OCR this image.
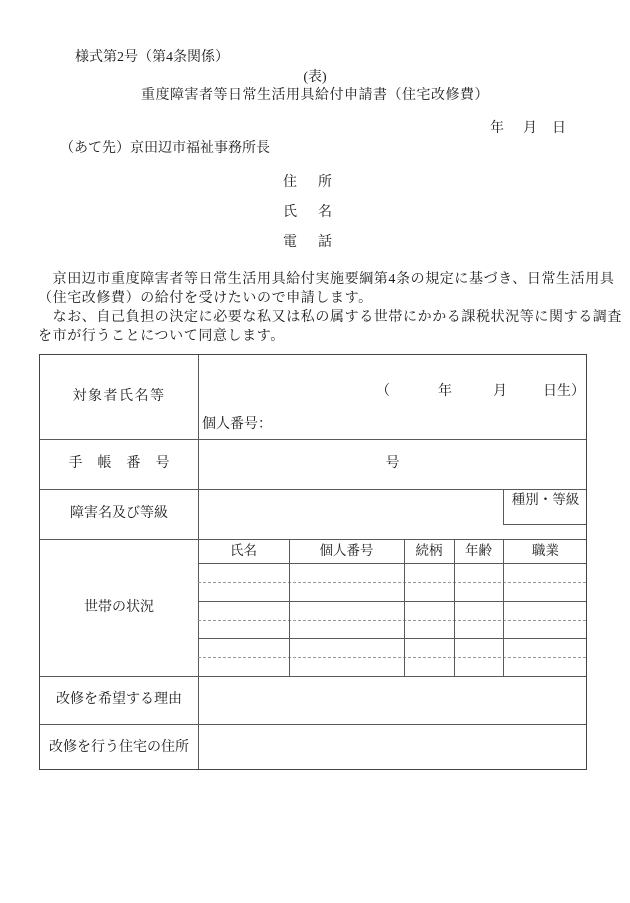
様式第2号（第4条関係）
(表)
重度障害者等日常生活用具給付申請書（住宅改修費）
年 月 日
（あて先）京田辺市福祉事務所長
住 所
氏 名
電 話
　京田辺市重度障害者等日常生活用具給付実施要綱第4条の規定に基づき、日常生活用具
（住宅改修費）の給付を受けたいので申請します。
　なお、自己負担の決定に必要な私又は私の属する世帯にかかる課税状況等に関する調査
を市が行うことについて同意します。
対象者氏名等	（	年	月	日生）
個人番号：
手帳番号	号
障害名及び等級
種別・等級
世帯の状況
氏名	個人番号	続柄	年齢	職業
改修を希望する理由
改修を行う住宅の住所
